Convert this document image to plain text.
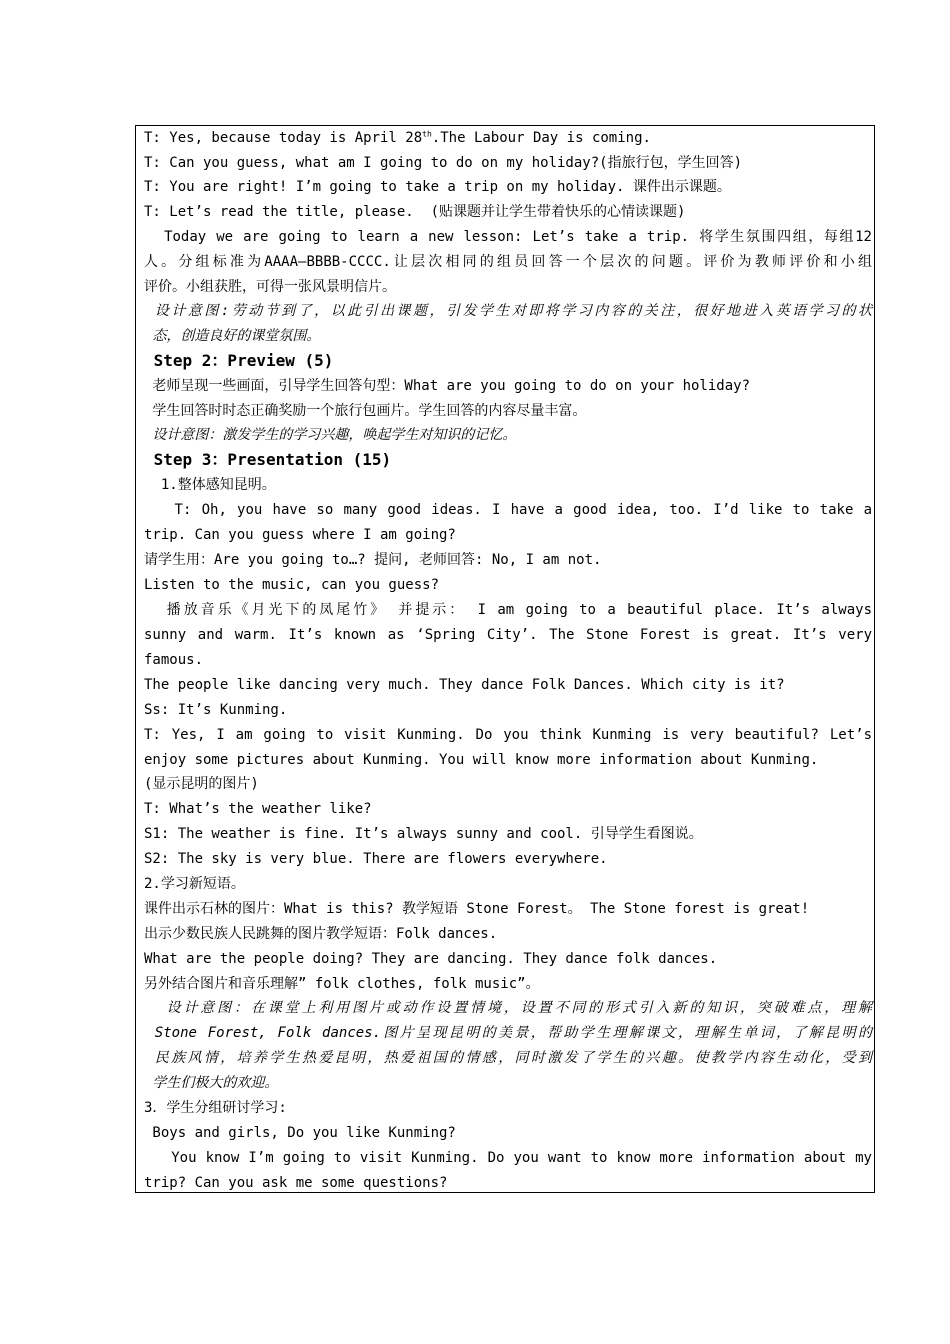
T: Yes, because today is April 28th.The Labour Day is coming.
T: Can you guess, what am I going to do on my holiday?(指旅行包，学生回答)
T: You are right! I’m going to take a trip on my holiday. 课件出示课题。
T: Let’s read the title, please.  (贴课题并让学生带着快乐的心情读课题)
Today we are going to learn a new lesson: Let’s take a trip. 将学生氛围四组，每组12
人。分组标准为AAAA—BBBB-CCCC.让层次相同的组员回答一个层次的问题。评价为教师评价和小组
评价。小组获胜，可得一张风景明信片。
设计意图:劳动节到了，以此引出课题，引发学生对即将学习内容的关注，很好地进入英语学习的状
态，创造良好的课堂氛围。
Step 2：Preview (5)
老师呈现一些画面，引导学生回答句型：What are you going to do on your holiday?
学生回答时时态正确奖励一个旅行包画片。学生回答的内容尽量丰富。
设计意图：激发学生的学习兴趣，唤起学生对知识的记忆。
Step 3：Presentation (15)
1.整体感知昆明。
T: Oh, you have so many good ideas. I have a good idea, too. I’d like to take a
trip. Can you guess where I am going?
请学生用：Are you going to…? 提问, 老师回答: No, I am not.
Listen to the music, can you guess?
播放音乐《月光下的凤尾竹》 并提示： I am going to a beautiful place. It’s always
sunny and warm. It’s known as ‘Spring City’. The Stone Forest is great. It’s very
famous.
The people like dancing very much. They dance Folk Dances. Which city is it?
Ss: It’s Kunming.
T: Yes, I am going to visit Kunming. Do you think Kunming is very beautiful? Let’s
enjoy some pictures about Kunming. You will know more information about Kunming.
(显示昆明的图片)
T: What’s the weather like?
S1: The weather is fine. It’s always sunny and cool. 引导学生看图说。
S2: The sky is very blue. There are flowers everywhere.
2.学习新短语。
课件出示石林的图片：What is this? 教学短语 Stone Forest。 The Stone forest is great!
出示少数民族人民跳舞的图片教学短语：Folk dances.
What are the people doing? They are dancing. They dance folk dances.
另外结合图片和音乐理解” folk clothes, folk music”。
设计意图：在课堂上利用图片或动作设置情境，设置不同的形式引入新的知识，突破难点，理解
Stone Forest, Folk dances.图片呈现昆明的美景，帮助学生理解课文，理解生单词，了解昆明的
民族风情，培养学生热爱昆明，热爱祖国的情感，同时激发了学生的兴趣。使教学内容生动化，受到
学生们极大的欢迎。
3．学生分组研讨学习:
Boys and girls, Do you like Kunming?
You know I’m going to visit Kunming. Do you want to know more information about my
trip? Can you ask me some questions?
